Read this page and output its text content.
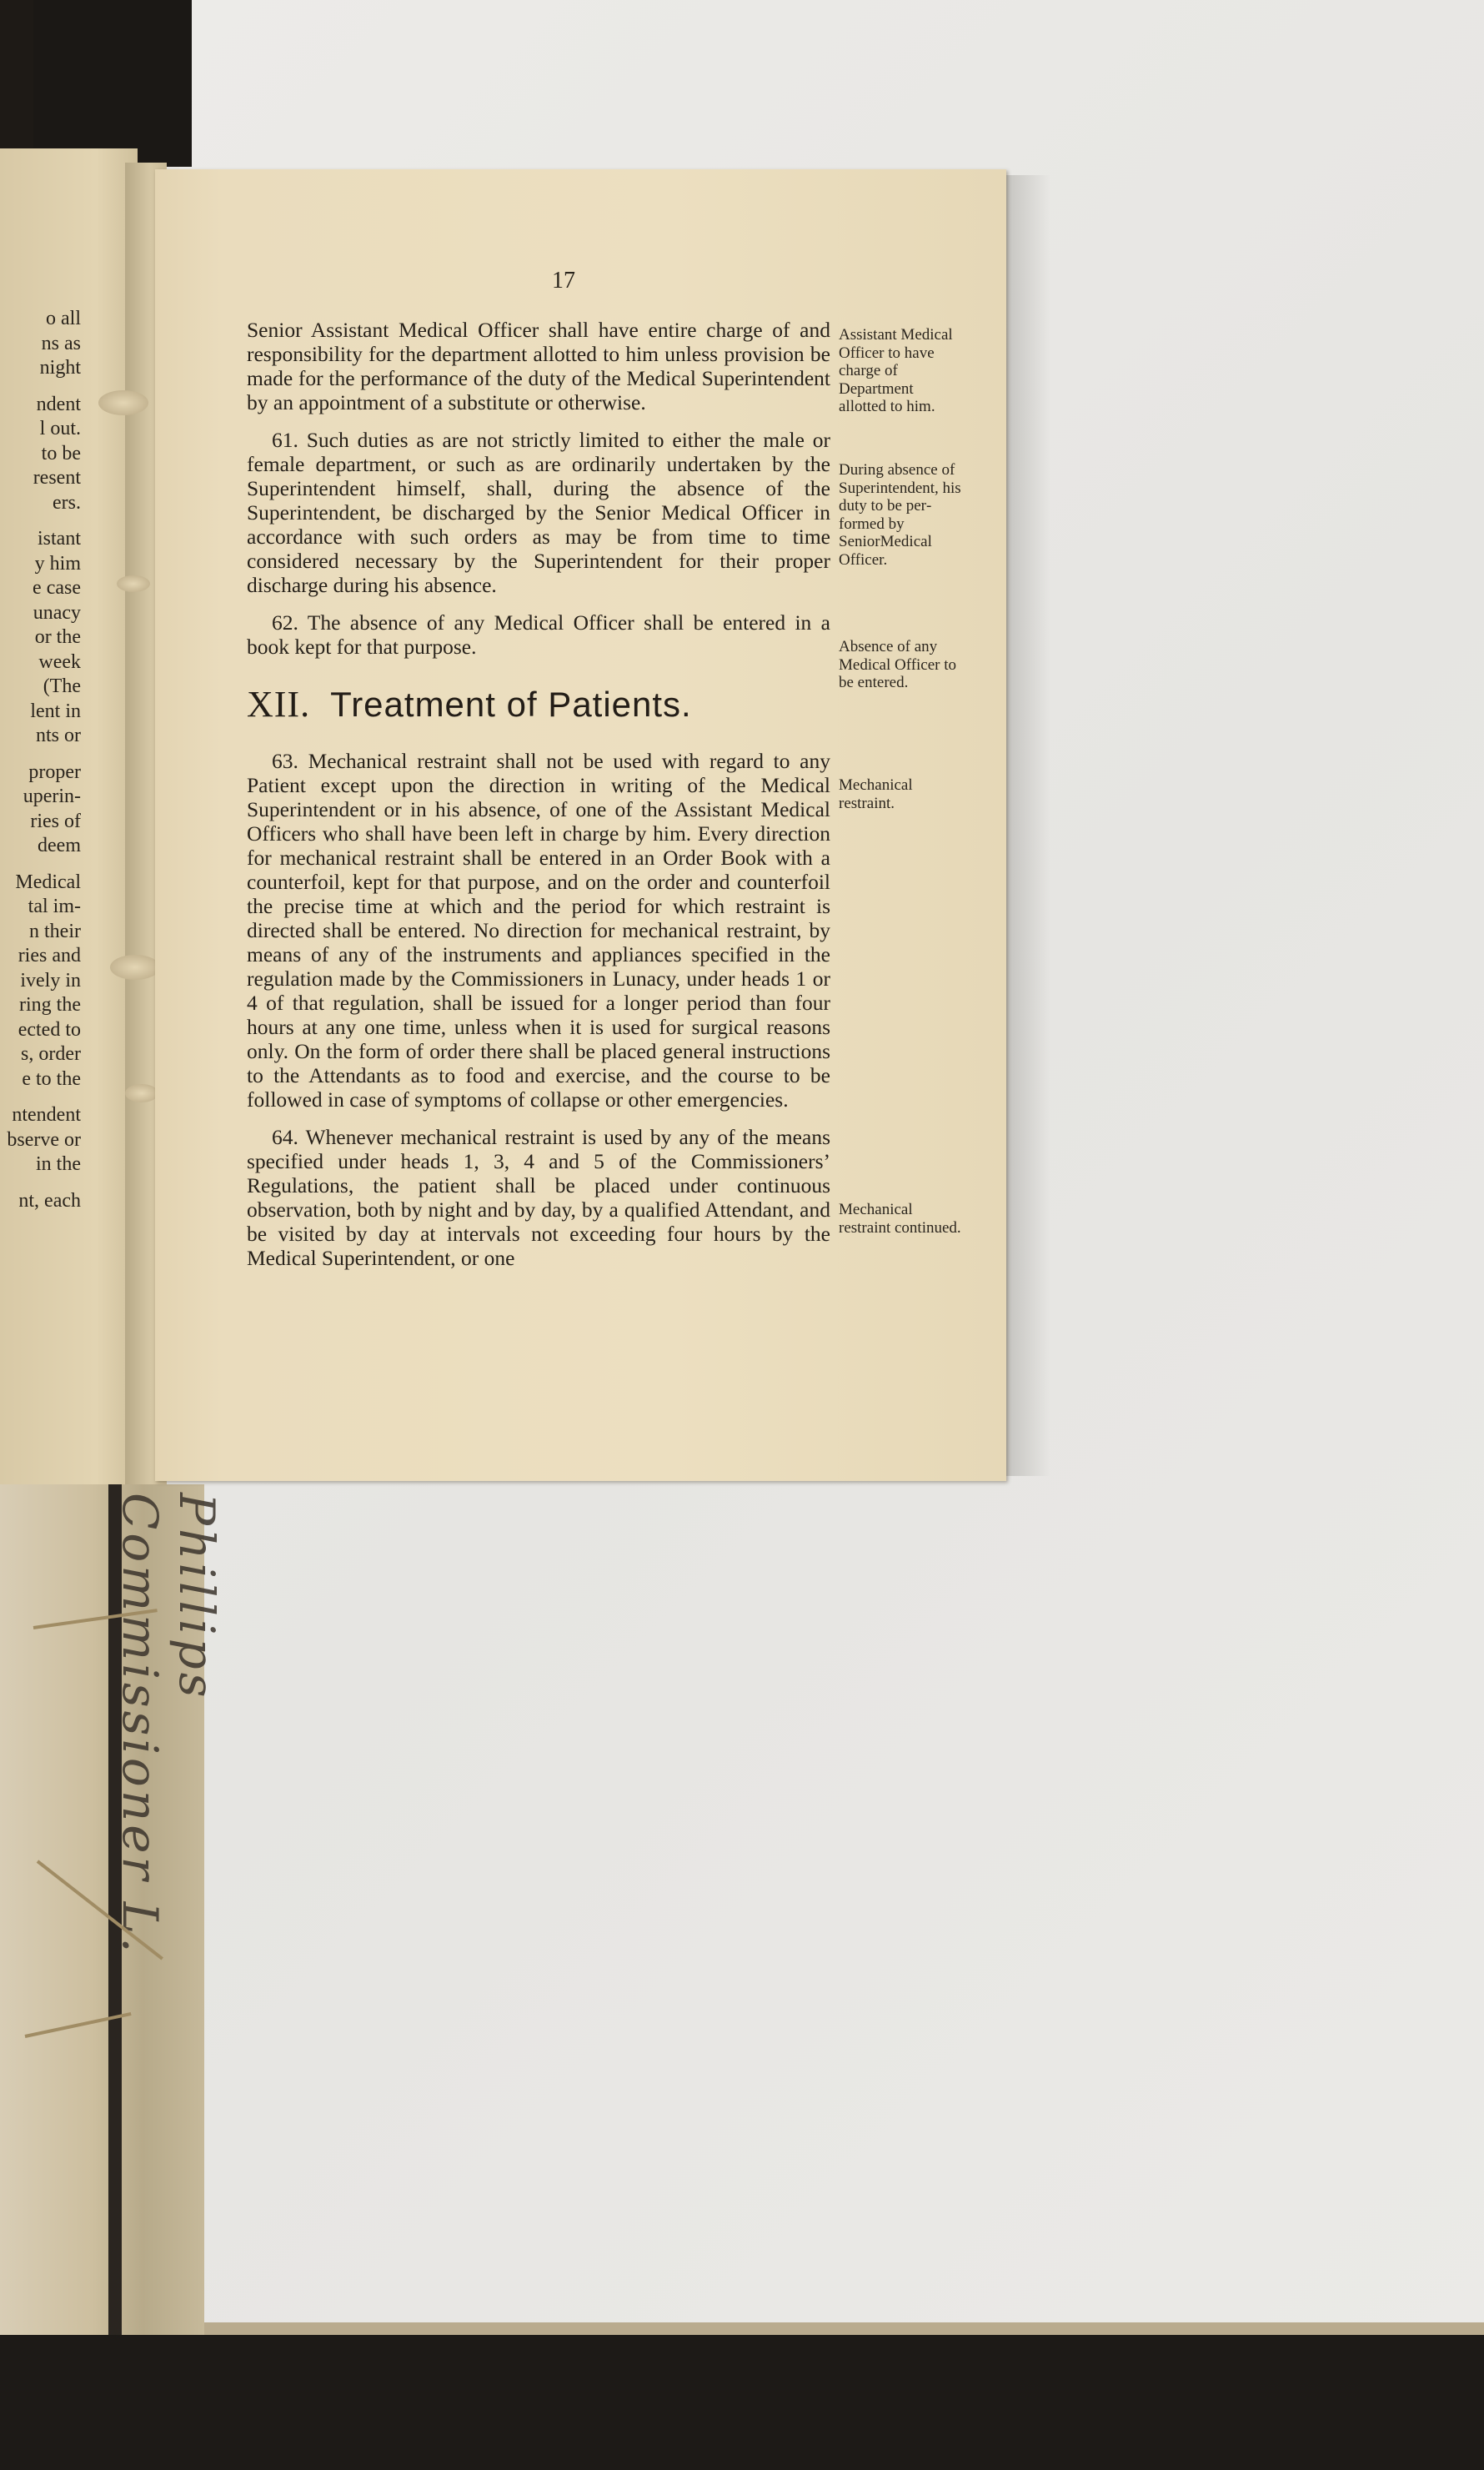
o all
ns as
night
ndent
l out.
to be
resent
ers.
istant
y him
e case
unacy
or the
week
(The
lent in
nts or
proper
uperin-
ries of
deem
Medical
tal im-
n their
ries and
ively in
ring the
ected to
s, order
e to the
ntendent
bserve or
in the
nt, each
Phillips Commissioner L.
17

Senior Assistant Medical Officer shall have entire charge of and responsibility for the department allotted to him unless provision be made for the performance of the duty of the Medical Superintendent by an appointment of a substitute or otherwise.

61. Such duties as are not strictly limited to either the male or female department, or such as are ordinarily undertaken by the Superintendent himself, shall, during the absence of the Superintendent, be discharged by the Senior Medical Officer in accordance with such orders as may be from time to time considered necessary by the Superintendent for their proper discharge during his absence.

62. The absence of any Medical Officer shall be entered in a book kept for that purpose.

XII. Treatment of Patients.

63. Mechanical restraint shall not be used with regard to any Patient except upon the direction in writing of the Medical Superintendent or in his absence, of one of the Assistant Medical Officers who shall have been left in charge by him. Every direction for mechanical restraint shall be entered in an Order Book with a counterfoil, kept for that purpose, and on the order and counterfoil the precise time at which and the period for which restraint is directed shall be entered. No direction for mechanical restraint, by means of any of the instruments and appliances specified in the regulation made by the Commissioners in Lunacy, under heads 1 or 4 of that regulation, shall be issued for a longer period than four hours at any one time, unless when it is used for surgical reasons only. On the form of order there shall be placed general instructions to the Attendants as to food and exercise, and the course to be followed in case of symptoms of collapse or other emergencies.

64. Whenever mechanical restraint is used by any of the means specified under heads 1, 3, 4 and 5 of the Commissioners’ Regulations, the patient shall be placed under continuous observation, both by night and by day, by a qualified Attendant, and be visited by day at intervals not exceeding four hours by the Medical Superintendent, or one

Assistant Medical Officer to have charge of Department allotted to him.
During absence of Superintendent, his duty to be performed by SeniorMedical Officer.
Absence of any Medical Officer to be entered.
Mechanical restraint.
Mechanical restraint continued.
